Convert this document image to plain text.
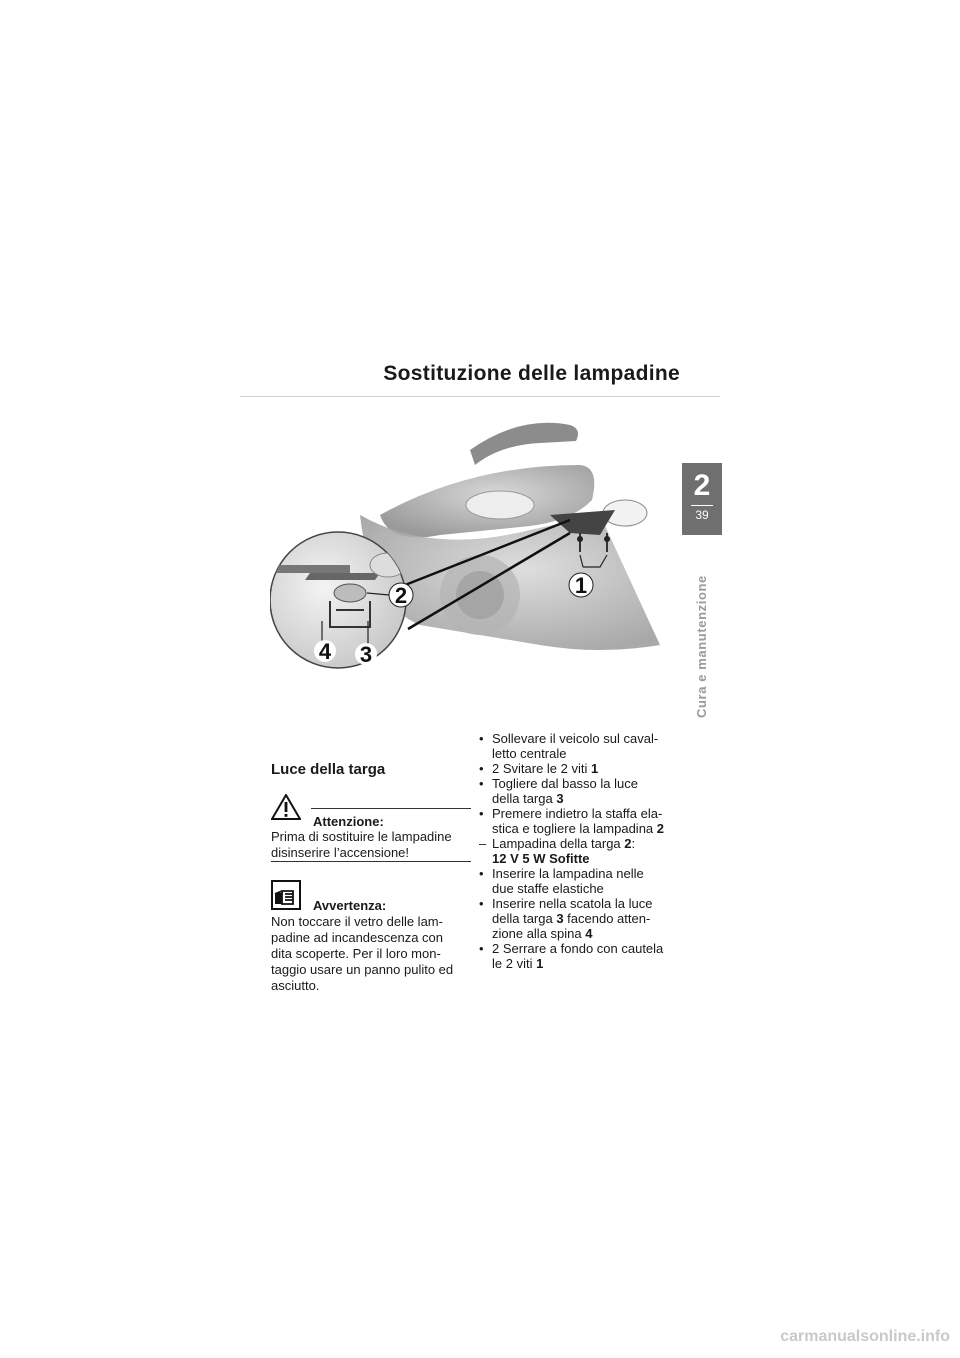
Sostituzione delle lampadine
2
39
Cura e manutenzione
2	1
4 3
Luce della targa
Attenzione:
Prima di sostituire le lampadine
disinserire l’accensione!
Avvertenza:
Non toccare il vetro delle lam-
padine ad incandescenza con
dita scoperte. Per il loro mon-
taggio usare un panno pulito ed
asciutto.
• Sollevare il veicolo sul caval-
letto centrale
• 2 Svitare le 2 viti 1
• Togliere dal basso la luce
della targa 3
• Premere indietro la staffa ela-
stica e togliere la lampadina 2
– Lampadina della targa 2:
12 V 5 W Sofitte
• Inserire la lampadina nelle
due staffe elastiche
• Inserire nella scatola la luce
della targa 3 facendo atten-
zione alla spina 4
• 2 Serrare a fondo con cautela
le 2 viti 1
carmanualsonline.info
